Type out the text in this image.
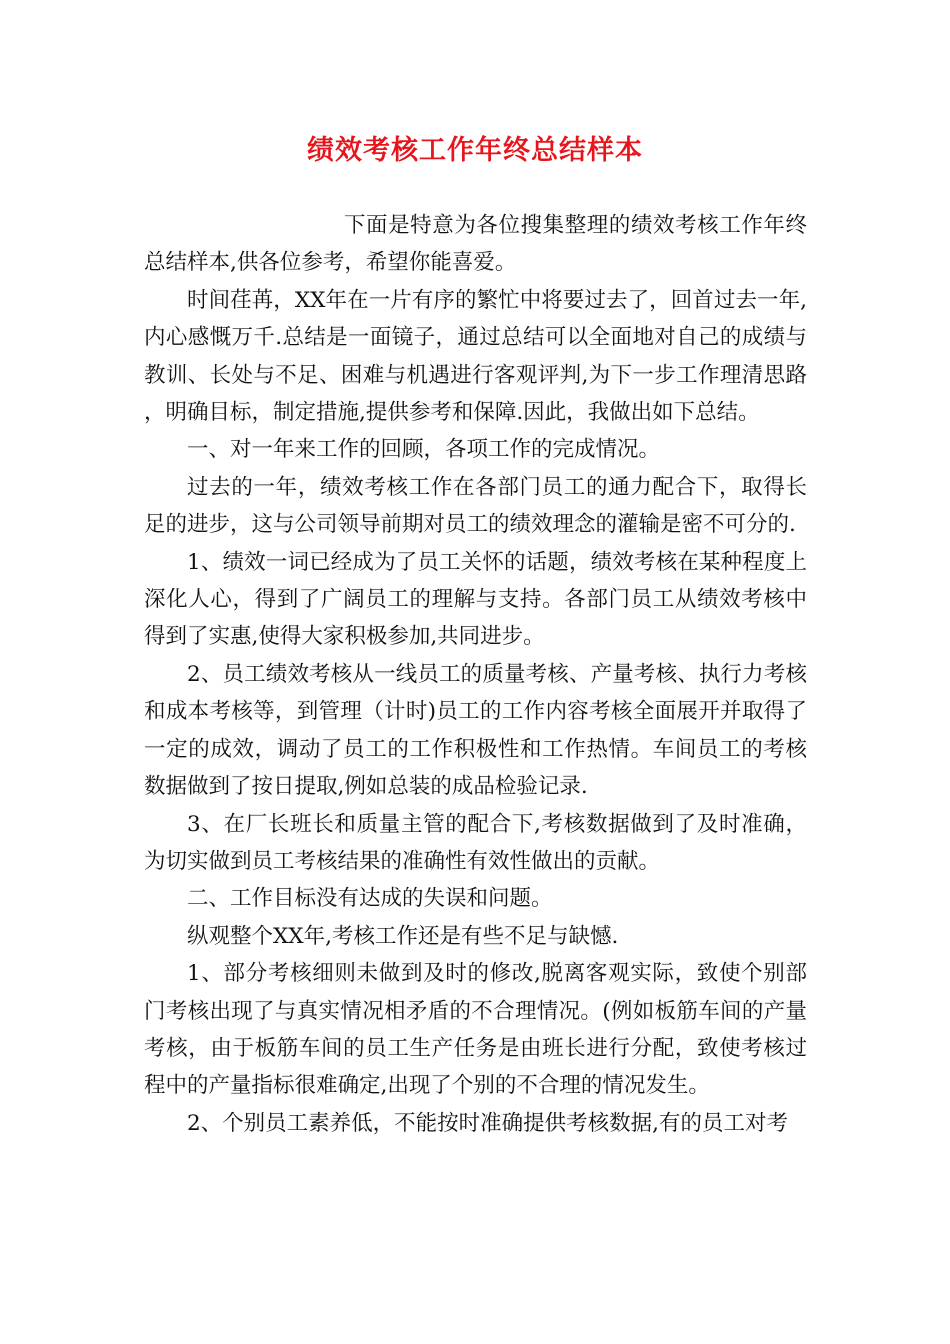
绩效考核工作年终总结样本

下面是特意为各位搜集整理的绩效考核工作年终总结样本,供各位参考，希望你能喜爱。

时间荏苒，XX年在一片有序的繁忙中将要过去了，回首过去一年,内心感慨万千.总结是一面镜子，通过总结可以全面地对自己的成绩与教训、长处与不足、困难与机遇进行客观评判,为下一步工作理清思路，明确目标，制定措施,提供参考和保障.因此，我做出如下总结。

一、对一年来工作的回顾，各项工作的完成情况。

过去的一年，绩效考核工作在各部门员工的通力配合下，取得长足的进步，这与公司领导前期对员工的绩效理念的灌输是密不可分的.

1、绩效一词已经成为了员工关怀的话题，绩效考核在某种程度上深化人心，得到了广阔员工的理解与支持。各部门员工从绩效考核中得到了实惠,使得大家积极参加,共同进步。

2、员工绩效考核从一线员工的质量考核、产量考核、执行力考核和成本考核等，到管理（计时)员工的工作内容考核全面展开并取得了一定的成效，调动了员工的工作积极性和工作热情。车间员工的考核数据做到了按日提取,例如总装的成品检验记录.

3、在厂长班长和质量主管的配合下,考核数据做到了及时准确，为切实做到员工考核结果的准确性有效性做出的贡献。

二、工作目标没有达成的失误和问题。

纵观整个XX年,考核工作还是有些不足与缺憾.

1、部分考核细则未做到及时的修改,脱离客观实际，致使个别部门考核出现了与真实情况相矛盾的不合理情况。(例如板筋车间的产量考核，由于板筋车间的员工生产任务是由班长进行分配，致使考核过程中的产量指标很难确定,出现了个别的不合理的情况发生。

2、个别员工素养低，不能按时准确提供考核数据,有的员工对考
